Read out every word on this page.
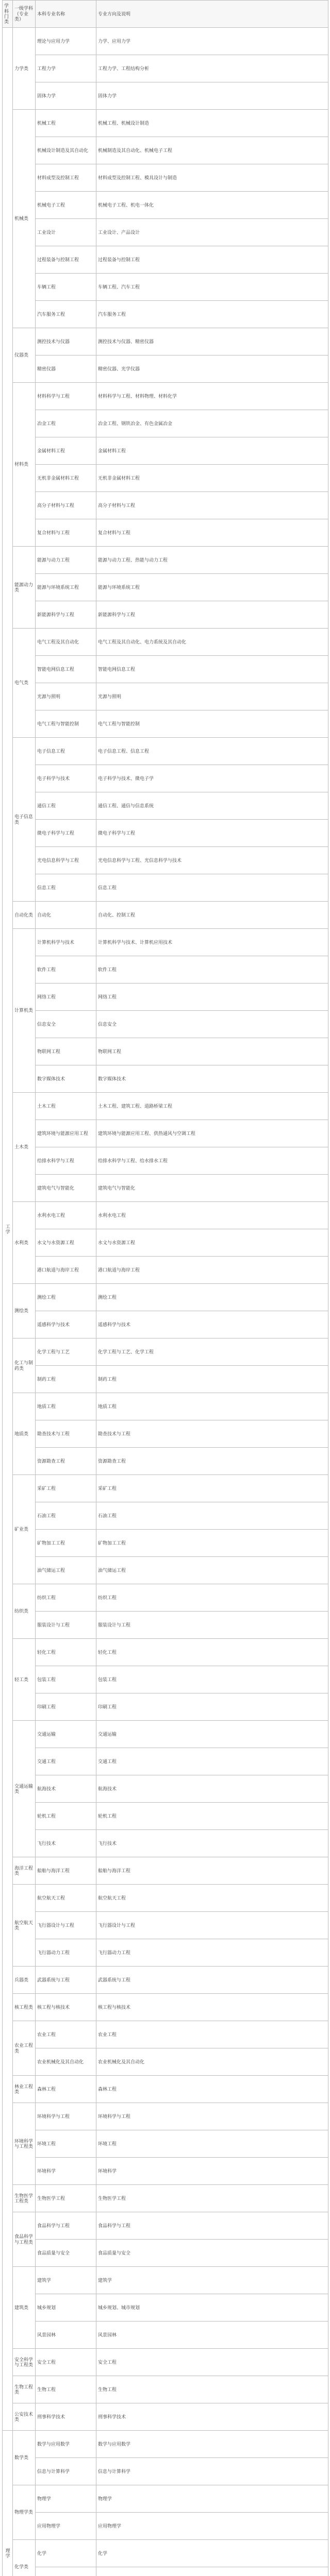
学科门类	一级学科（专业类）	本科专业名称	专业方向及说明
工学	力学类	理论与应用力学	力学、应用力学
		工程力学	工程力学、工程结构分析
		固体力学	固体力学
	机械类	机械工程	机械工程、机械设计制造
		机械设计制造及其自动化	机械制造及其自动化、机械电子工程
		材料成型及控制工程	材料成型及控制工程、模具设计与制造
		机械电子工程	机械电子工程、机电一体化
		工业设计	工业设计、产品设计
		过程装备与控制工程	过程装备与控制工程
		车辆工程	车辆工程、汽车工程
		汽车服务工程	汽车服务工程
	仪器类	测控技术与仪器	测控技术与仪器、精密仪器
		精密仪器	精密仪器、光学仪器
	材料类	材料科学与工程	材料科学与工程、材料物理、材料化学
		冶金工程	冶金工程、钢铁冶金、有色金属冶金
		金属材料工程	金属材料工程
		无机非金属材料工程	无机非金属材料工程
		高分子材料与工程	高分子材料与工程
		复合材料与工程	复合材料与工程
	能源动力类	能源与动力工程	能源与动力工程、热能与动力工程
		能源与环境系统工程	能源与环境系统工程
		新能源科学与工程	新能源科学与工程
	电气类	电气工程及其自动化	电气工程及其自动化、电力系统及其自动化
		智能电网信息工程	智能电网信息工程
		光源与照明	光源与照明
		电气工程与智能控制	电气工程与智能控制
	电子信息类	电子信息工程	电子信息工程、信息工程
		电子科学与技术	电子科学与技术、微电子学
		通信工程	通信工程、通信与信息系统
		微电子科学与工程	微电子科学与工程
		光电信息科学与工程	光电信息科学与工程、光信息科学与技术
		信息工程	信息工程
	自动化类	自动化	自动化、控制工程
	计算机类	计算机科学与技术	计算机科学与技术、计算机应用技术
		软件工程	软件工程
		网络工程	网络工程
		信息安全	信息安全
		物联网工程	物联网工程
		数字媒体技术	数字媒体技术
	土木类	土木工程	土木工程、建筑工程、道路桥梁工程
		建筑环境与能源应用工程	建筑环境与能源应用工程、供热通风与空调工程
		给排水科学与工程	给排水科学与工程、给水排水工程
		建筑电气与智能化	建筑电气与智能化
	水利类	水利水电工程	水利水电工程
		水文与水资源工程	水文与水资源工程
		港口航道与海岸工程	港口航道与海岸工程
	测绘类	测绘工程	测绘工程
		遥感科学与技术	遥感科学与技术
	化工与制药类	化学工程与工艺	化学工程与工艺、化学工程
		制药工程	制药工程
	地质类	地质工程	地质工程
		勘查技术与工程	勘查技术与工程
		资源勘查工程	资源勘查工程
	矿业类	采矿工程	采矿工程
		石油工程	石油工程
		矿物加工工程	矿物加工工程
		油气储运工程	油气储运工程
	纺织类	纺织工程	纺织工程
		服装设计与工程	服装设计与工程
	轻工类	轻化工程	轻化工程
		包装工程	包装工程
		印刷工程	印刷工程
	交通运输类	交通运输	交通运输
		交通工程	交通工程
		航海技术	航海技术
		轮机工程	轮机工程
		飞行技术	飞行技术
	海洋工程类	船舶与海洋工程	船舶与海洋工程
	航空航天类	航空航天工程	航空航天工程
		飞行器设计与工程	飞行器设计与工程
		飞行器动力工程	飞行器动力工程
	兵器类	武器系统与工程	武器系统与工程
	核工程类	核工程与核技术	核工程与核技术
	农业工程类	农业工程	农业工程
		农业机械化及其自动化	农业机械化及其自动化
	林业工程类	森林工程	森林工程
	环境科学与工程类	环境科学与工程	环境科学与工程
		环境工程	环境工程
		环境科学	环境科学
	生物医学工程类	生物医学工程	生物医学工程
	食品科学与工程类	食品科学与工程	食品科学与工程
		食品质量与安全	食品质量与安全
	建筑类	建筑学	建筑学
		城乡规划	城乡规划、城市规划
		风景园林	风景园林
	安全科学与工程类	安全工程	安全工程
	生物工程类	生物工程	生物工程
	公安技术类	刑事科学技术	刑事科学技术
理学	数学类	数学与应用数学	数学与应用数学
		信息与计算科学	信息与计算科学
	物理学类	物理学	物理学
		应用物理学	应用物理学
	化学类	化学	化学
